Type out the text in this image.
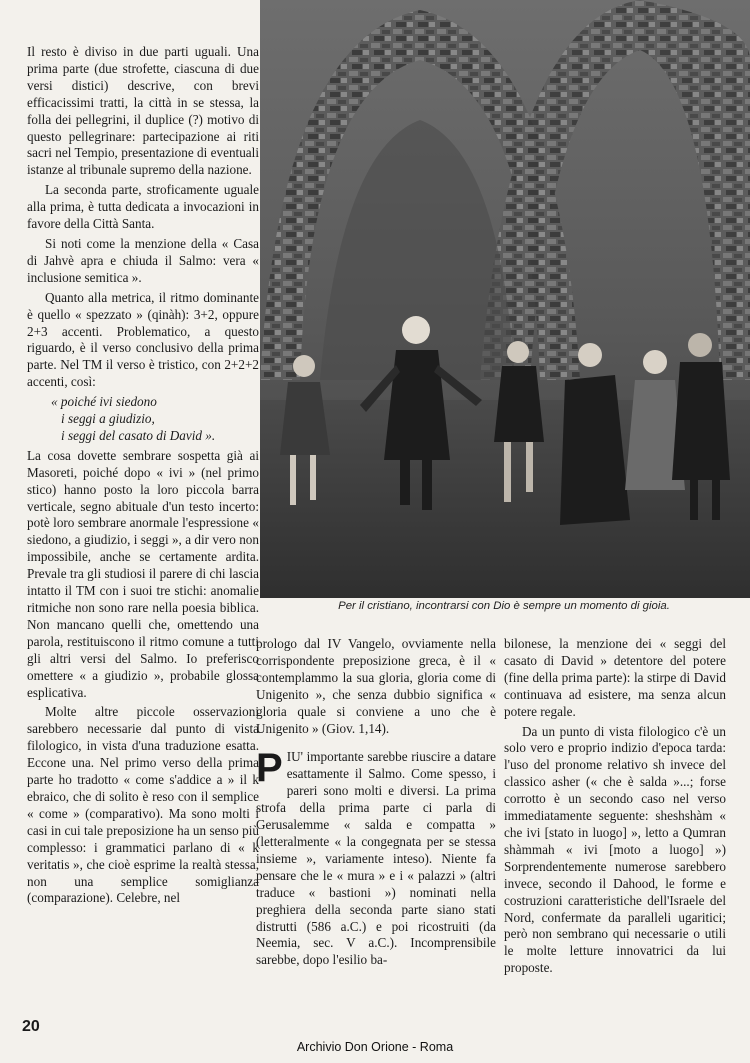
Il resto è diviso in due parti uguali. Una prima parte (due strofette, ciascuna di due versi distici) descrive, con brevi efficacissimi tratti, la città in se stessa, la folla dei pellegrini, il duplice (?) motivo di questo pellegrinare: partecipazione ai riti sacri nel Tempio, presentazione di eventuali istanze al tribunale supremo della nazione.

La seconda parte, stroficamente uguale alla prima, è tutta dedicata a invocazioni in favore della Città Santa.

Si noti come la menzione della « Casa di Jahvè apra e chiuda il Salmo: vera « inclusione semitica ».

Quanto alla metrica, il ritmo dominante è quello « spezzato » (qinàh): 3+2, oppure 2+3 accenti. Problematico, a questo riguardo, è il verso conclusivo della prima parte. Nel TM il verso è tristico, con 2+2+2 accenti, così:

« poiché ivi siedono
i seggi a giudizio,
i seggi del casato di David ».

La cosa dovette sembrare sospetta già ai Masoreti, poiché dopo « ivi » (nel primo stico) hanno posto la loro piccola barra verticale, segno abituale d'un testo incerto: potè loro sembrare anormale l'espressione « siedono, a giudizio, i seggi », a dir vero non impossibile, anche se certamente ardita. Prevale tra gli studiosi il parere di chi lascia intatto il TM con i suoi tre stichi: anomalie ritmiche non sono rare nella poesia biblica. Non mancano quelli che, omettendo una parola, restituiscono il ritmo comune a tutti gli altri versi del Salmo. Io preferisco omettere « a giudizio », probabile glossa esplicativa.

Molte altre piccole osservazioni sarebbero necessarie dal punto di vista filologico, in vista d'una traduzione esatta. Eccone una. Nel primo verso della prima parte ho tradotto « come s'addice a » il k ebraico, che di solito è reso con il semplice « come » (comparativo). Ma sono molti i casi in cui tale preposizione ha un senso più complesso: i grammatici parlano di « k veritatis », che cioè esprime la realtà stessa, non una semplice somiglianza (comparazione). Celebre, nel

Per il cristiano, incontrarsi con Dio è sempre un momento di gioia.

prologo dal IV Vangelo, ovviamente nella corrispondente preposizione greca, è il « contemplammo la sua gloria, gloria come di Unigenito », che senza dubbio significa « gloria quale si conviene a uno che è Unigenito » (Giov. 1,14).

PIU' importante sarebbe riuscire a datare esattamente il Salmo. Come spesso, i pareri sono molti e diversi. La prima strofa della prima parte ci parla di Gerusalemme « salda e compatta » (letteralmente « la congegnata per se stessa insieme », variamente inteso). Niente fa pensare che le « mura » e i « palazzi » (altri traduce « bastioni ») nominati nella preghiera della seconda parte siano stati distrutti (586 a.C.) e poi ricostruiti (da Neemia, sec. V a.C.). Incomprensibile sarebbe, dopo l'esilio ba-

bilonese, la menzione dei « seggi del casato di David » detentore del potere (fine della prima parte): la stirpe di David continuava ad esistere, ma senza alcun potere regale.

Da un punto di vista filologico c'è un solo vero e proprio indizio d'epoca tarda: l'uso del pronome relativo sh invece del classico asher (« che è salda »...; forse corrotto è un secondo caso nel verso immediatamente seguente: sheshshàm « che ivi [stato in luogo] », letto a Qumran shàmmah « ivi [moto a luogo] ») Sorprendentemente numerose sarebbero invece, secondo il Dahood, le forme e costruzioni caratteristiche dell'Israele del Nord, confermate da paralleli ugaritici; però non sembrano qui necessarie o utili le molte letture innovatrici da lui proposte.

20
Archivio Don Orione - Roma
